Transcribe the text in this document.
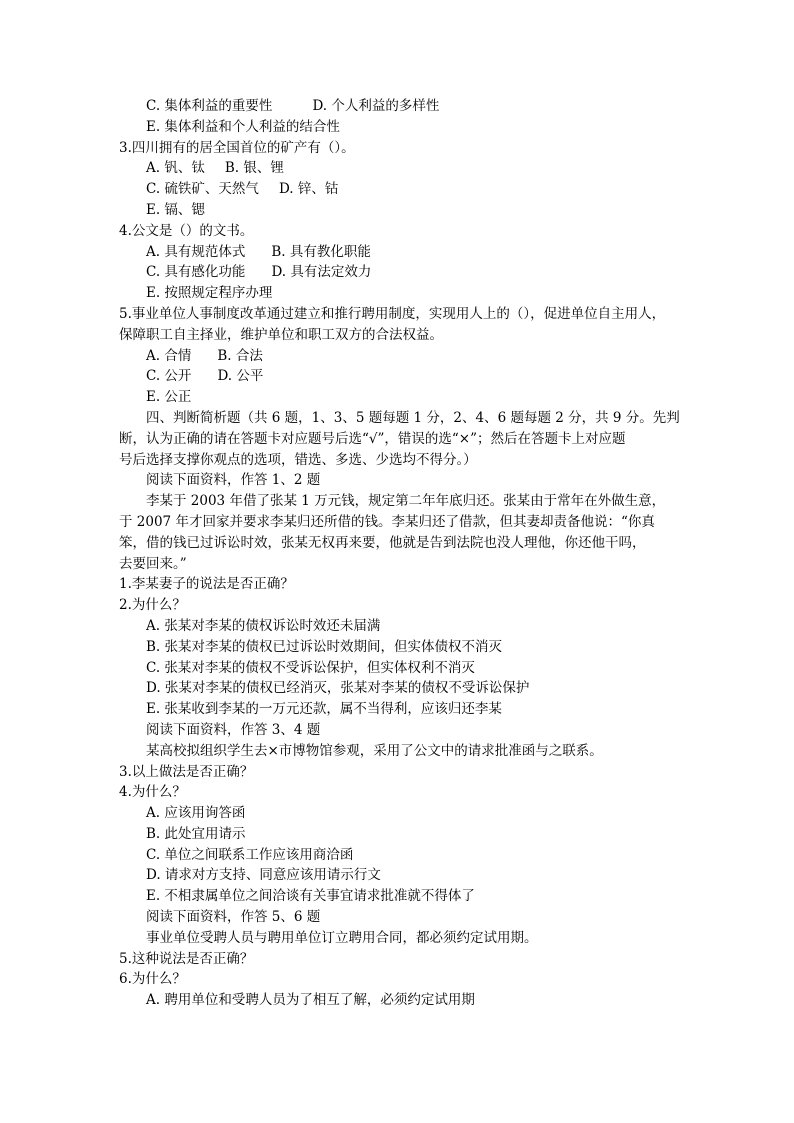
C. 集体利益的重要性	D. 个人利益的多样性
E. 集体利益和个人利益的结合性
3.四川拥有的居全国首位的矿产有（）。
A. 钒、钛 B. 银、锂
C. 硫铁矿、天然气 D. 锌、钴
E. 镉、锶
4.公文是（）的文书。
A. 具有规范体式 B. 具有教化职能
C. 具有感化功能 D. 具有法定效力
E. 按照规定程序办理
5.事业单位人事制度改革通过建立和推行聘用制度，实现用人上的（），促进单位自主用人，
保障职工自主择业，维护单位和职工双方的合法权益。
A. 合情 B. 合法
C. 公开 D. 公平
E. 公正
四、判断简析题（共 6 题，1、3、5 题每题 1 分，2、4、6 题每题 2 分，共 9 分。先判
断，认为正确的请在答题卡对应题号后选“√”，错误的选“×”；然后在答题卡上对应题
号后选择支撑你观点的选项，错选、多选、少选均不得分。）
阅读下面资料，作答 1、2 题
李某于 2003 年借了张某 1 万元钱，规定第二年年底归还。张某由于常年在外做生意，
于 2007 年才回家并要求李某归还所借的钱。李某归还了借款，但其妻却责备他说：“你真
笨，借的钱已过诉讼时效，张某无权再来要，他就是告到法院也没人理他，你还他干吗，
去要回来。”
1.李某妻子的说法是否正确？
2.为什么？
A. 张某对李某的债权诉讼时效还未届满
B. 张某对李某的债权已过诉讼时效期间，但实体债权不消灭
C. 张某对李某的债权不受诉讼保护，但实体权利不消灭
D. 张某对李某的债权已经消灭，张某对李某的债权不受诉讼保护
E. 张某收到李某的一万元还款，属不当得利，应该归还李某
阅读下面资料，作答 3、4 题
某高校拟组织学生去×市博物馆参观，采用了公文中的请求批准函与之联系。
3.以上做法是否正确？
4.为什么？
A. 应该用询答函
B. 此处宜用请示
C. 单位之间联系工作应该用商洽函
D. 请求对方支持、同意应该用请示行文
E. 不相隶属单位之间洽谈有关事宜请求批准就不得体了
阅读下面资料，作答 5、6 题
事业单位受聘人员与聘用单位订立聘用合同，都必须约定试用期。
5.这种说法是否正确？
6.为什么？
A. 聘用单位和受聘人员为了相互了解，必须约定试用期
